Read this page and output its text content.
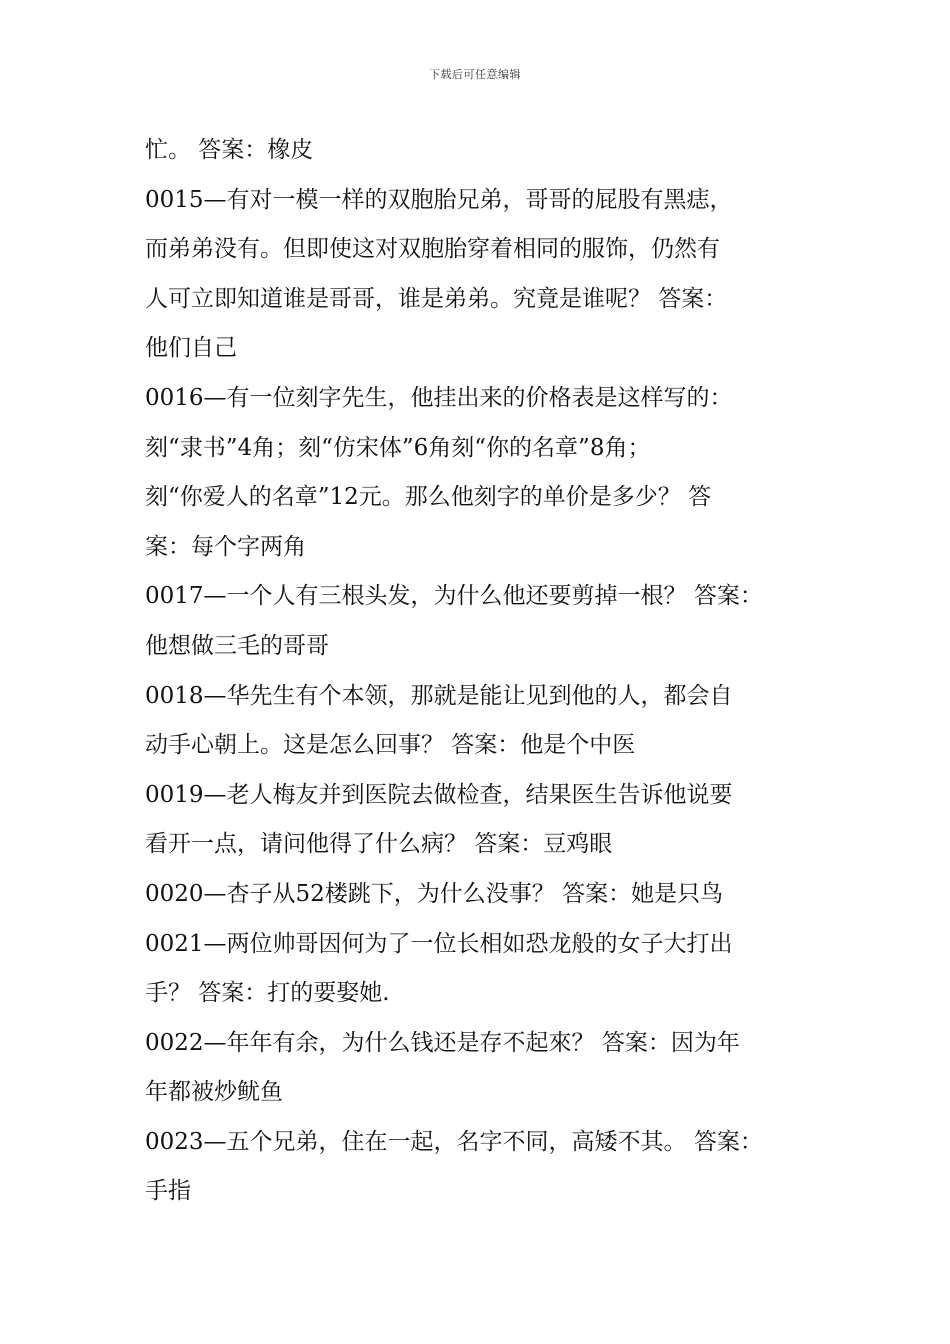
下载后可任意编辑
忙。 答案：橡皮
0015—有对一模一样的双胞胎兄弟，哥哥的屁股有黑痣，
而弟弟没有。但即使这对双胞胎穿着相同的服饰，仍然有
人可立即知道谁是哥哥，谁是弟弟。究竟是谁呢？ 答案：
他们自己
0016—有一位刻字先生，他挂出来的价格表是这样写的：
刻“隶书”4角；刻“仿宋体”6角刻“你的名章”8角；
刻“你爱人的名章”12元。那么他刻字的单价是多少？ 答
案：每个字两角
0017—一个人有三根头发，为什么他还要剪掉一根？ 答案：
他想做三毛的哥哥
0018—华先生有个本领，那就是能让见到他的人，都会自
动手心朝上。这是怎么回事？ 答案：他是个中医
0019—老人梅友并到医院去做检查，结果医生告诉他说要
看开一点，请问他得了什么病？ 答案：豆鸡眼
0020—杏子从52楼跳下，为什么没事？ 答案：她是只鸟
0021—两位帅哥因何为了一位长相如恐龙般的女子大打出
手？ 答案：打的要娶她.
0022—年年有余，为什么钱还是存不起來？ 答案：因为年
年都被炒鱿鱼
0023—五个兄弟，住在一起，名字不同，高矮不其。 答案：
手指
